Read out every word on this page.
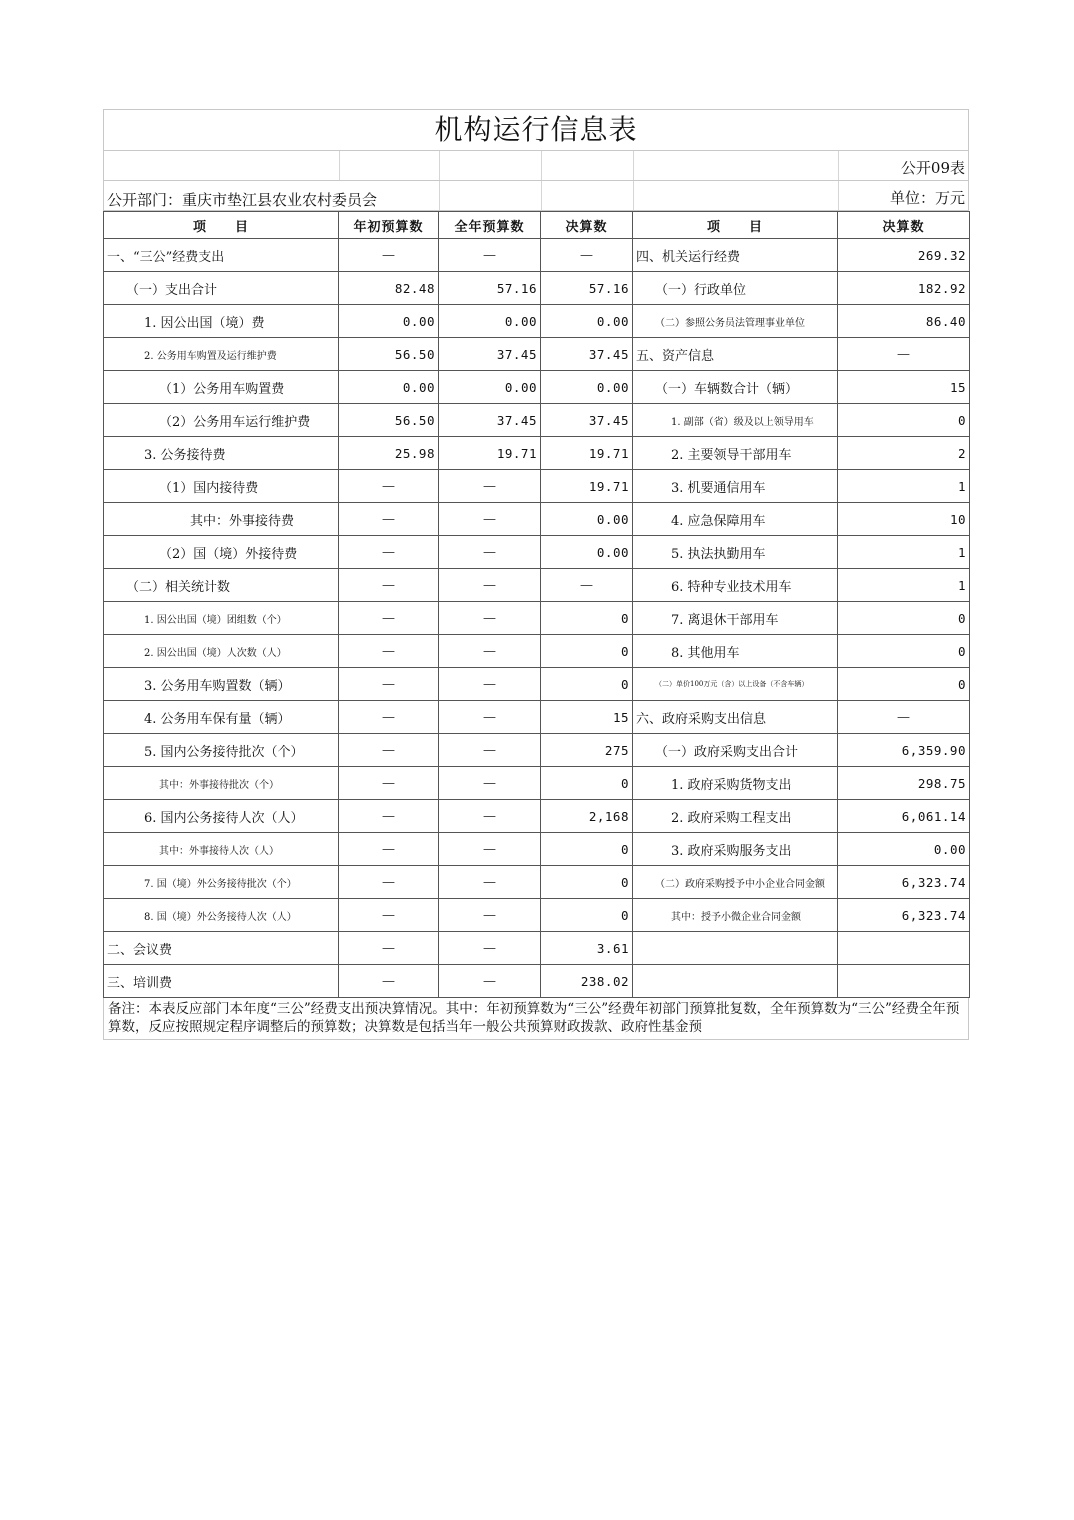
机构运行信息表
公开09表
公开部门：重庆市垫江县农业农村委员会	单位：万元
项　　目	年初预算数	全年预算数	决算数	项　　目	决算数
一、“三公”经费支出	—	—	—	四、机关运行经费	269.32
（一）支出合计	82.48	57.16	57.16	（一）行政单位	182.92
1. 因公出国（境）费	0.00	0.00	0.00	（二）参照公务员法管理事业单位	86.40
2. 公务用车购置及运行维护费	56.50	37.45	37.45	五、资产信息	—
（1）公务用车购置费	0.00	0.00	0.00	（一）车辆数合计（辆）	15
（2）公务用车运行维护费	56.50	37.45	37.45	1. 副部（省）级及以上领导用车	0
3. 公务接待费	25.98	19.71	19.71	2. 主要领导干部用车	2
（1）国内接待费	—	—	19.71	3. 机要通信用车	1
其中：外事接待费	—	—	0.00	4. 应急保障用车	10
（2）国（境）外接待费	—	—	0.00	5. 执法执勤用车	1
（二）相关统计数	—	—	—	6. 特种专业技术用车	1
1. 因公出国（境）团组数（个）	—	—	0	7. 离退休干部用车	0
2. 因公出国（境）人次数（人）	—	—	0	8. 其他用车	0
3. 公务用车购置数（辆）	—	—	0	（二）单价100万元（含）以上设备（不含车辆）	0
4. 公务用车保有量（辆）	—	—	15	六、政府采购支出信息	—
5. 国内公务接待批次（个）	—	—	275	（一）政府采购支出合计	6,359.90
其中：外事接待批次（个）	—	—	0	1. 政府采购货物支出	298.75
6. 国内公务接待人次（人）	—	—	2,168	2. 政府采购工程支出	6,061.14
其中：外事接待人次（人）	—	—	0	3. 政府采购服务支出	0.00
7. 国（境）外公务接待批次（个）	—	—	0	（二）政府采购授予中小企业合同金额	6,323.74
8. 国（境）外公务接待人次（人）	—	—	0	其中：授予小微企业合同金额	6,323.74
二、会议费	—	—	3.61		
三、培训费	—	—	238.02		
备注：本表反应部门本年度“三公”经费支出预决算情况。其中：年初预算数为“三公”经费年初部门预算批复数，全年预算数为“三公”经费全年预算数，反应按照规定程序调整后的预算数；决算数是包括当年一般公共预算财政拨款、政府性基金预
